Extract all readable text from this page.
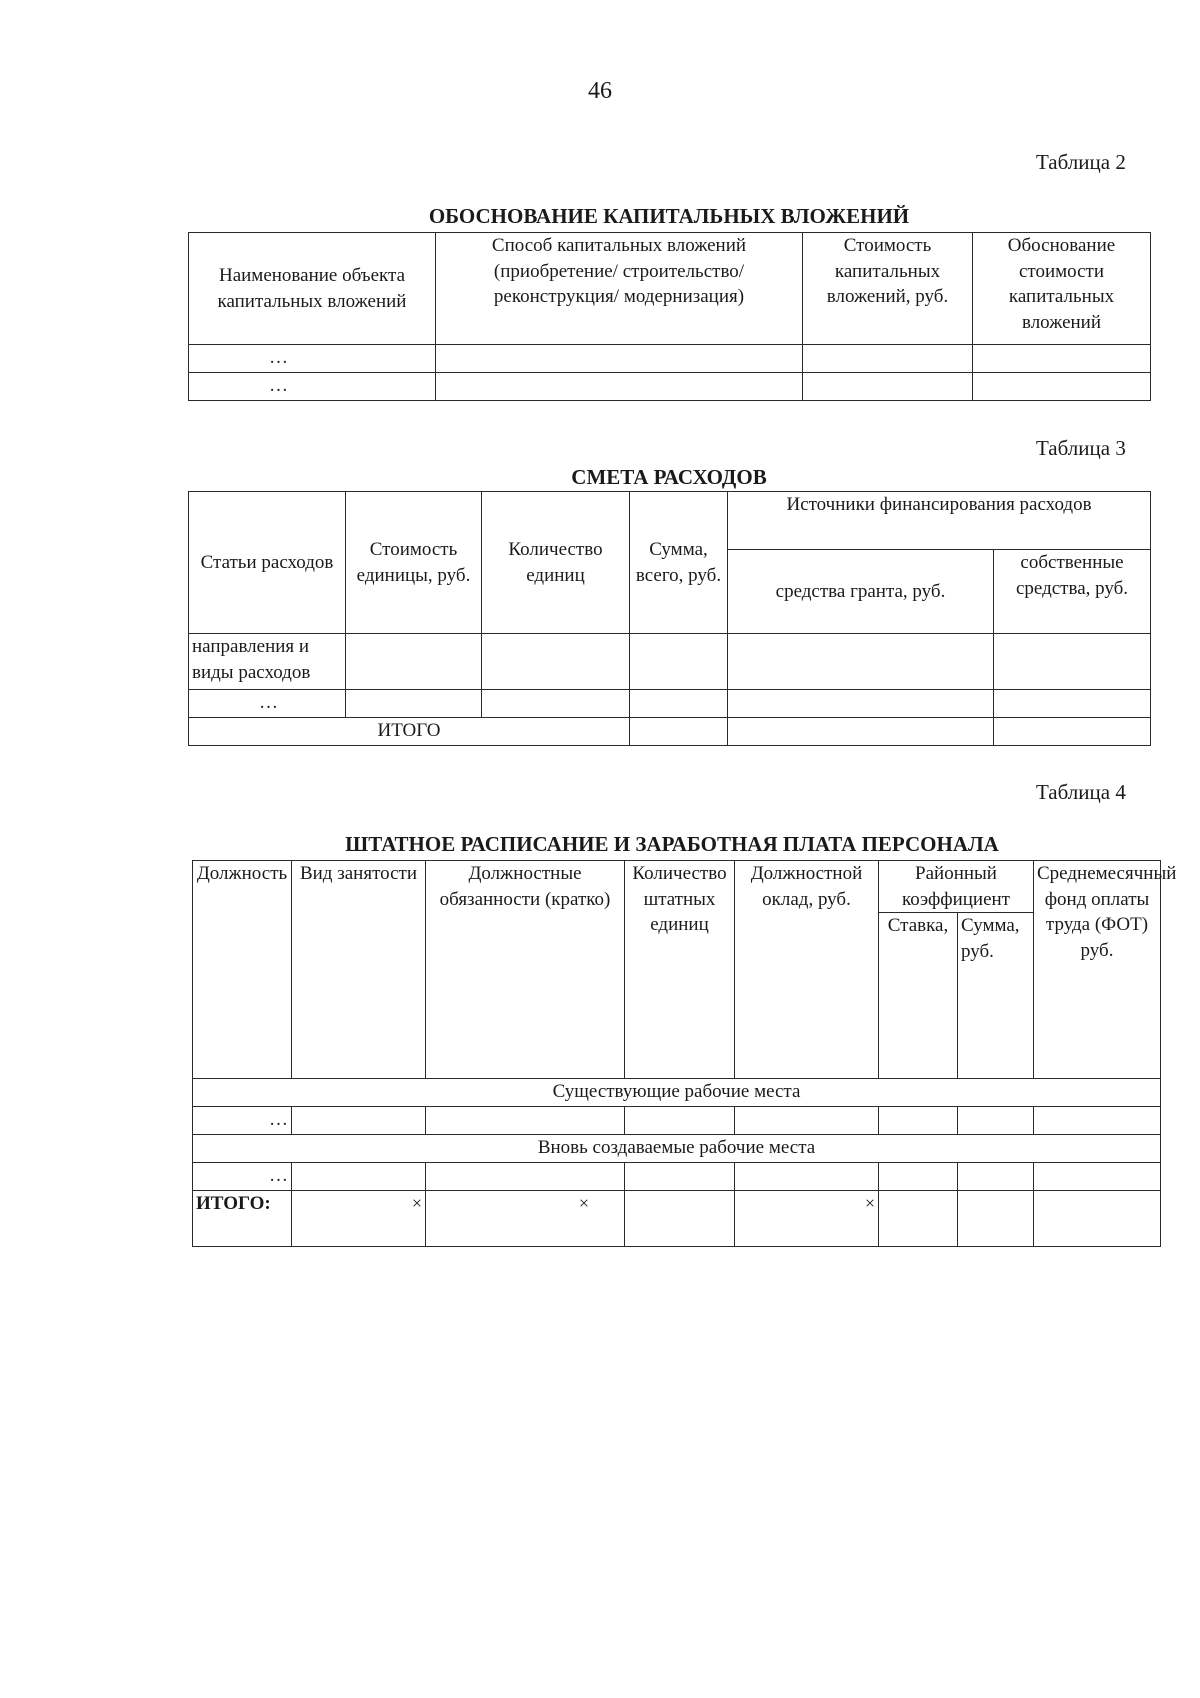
46
Таблица 2
ОБОСНОВАНИЕ КАПИТАЛЬНЫХ ВЛОЖЕНИЙ
Наименование объекта капитальных вложений	Способ капитальных вложений (приобретение/ строительство/реконструкция/ модернизация)	Стоимость капитальных вложений, руб.	Обоснование стоимости капитальных вложений
…			
…			
Таблица 3
СМЕТА РАСХОДОВ
Статьи расходов	Стоимость единицы, руб.	Количество единиц	Сумма, всего, руб.	Источники финансирования расходов	
				средства гранта, руб.	собственные средства, руб.
направления и виды расходов					
…					
ИТОГО					
Таблица 4
ШТАТНОЕ РАСПИСАНИЕ И ЗАРАБОТНАЯ ПЛАТА ПЕРСОНАЛА
Должность	Вид занятости	Должностные обязанности (кратко)	Количество штатных единиц	Должностной оклад, руб.	Районный коэффициент		Среднемесячный фонд оплаты труда (ФОТ) руб.
					Ставка,	Сумма, руб.	
Существующие рабочие места							
…							
Вновь создаваемые рабочие места							
…							
ИТОГО:	×	×		×			
